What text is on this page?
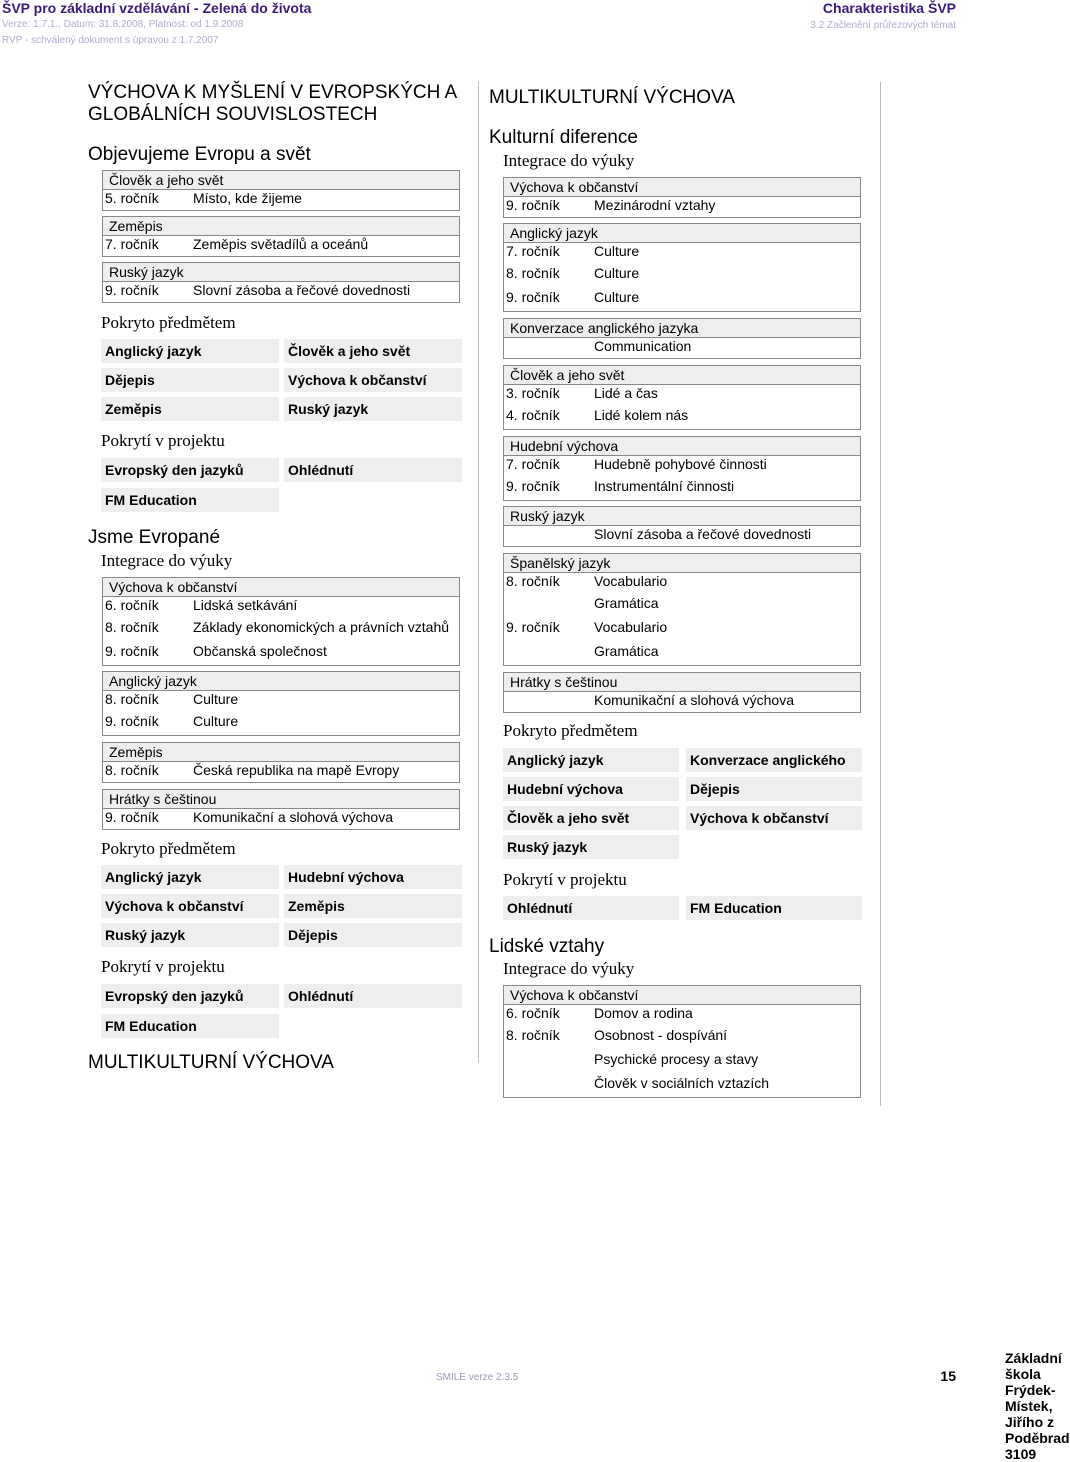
ŠVP pro základní vzdělávání - Zelená do života
Verze: 1.7.1., Datum: 31.8.2008, Platnost: od 1.9.2008
RVP - schválený dokument s úpravou z 1.7.2007
Charakteristika ŠVP
3.2 Začlenění průřezových témat
VÝCHOVA K MYŠLENÍ V EVROPSKÝCH A
GLOBÁLNÍCH SOUVISLOSTECH
Objevujeme Evropu a svět
Člověk a jeho svět
5. ročník Místo, kde žijeme
Zeměpis
7. ročník Zeměpis světadílů a oceánů
Ruský jazyk
9. ročník Slovní zásoba a řečové dovednosti
Pokryto předmětem
Anglický jazyk	Člověk a jeho svět
Dějepis	Výchova k občanství
Zeměpis	Ruský jazyk
Pokrytí v projektu
Evropský den jazyků	Ohlédnutí
FM Education
Jsme Evropané
Integrace do výuky
Výchova k občanství
6. ročník Lidská setkávání
8. ročník Základy ekonomických a právních vztahů
9. ročník Občanská společnost
Anglický jazyk
8. ročník Culture
9. ročník Culture
Zeměpis
8. ročník Česká republika na mapě Evropy
Hrátky s češtinou
9. ročník Komunikační a slohová výchova
Pokryto předmětem
Anglický jazyk	Hudební výchova
Výchova k občanství	Zeměpis
Ruský jazyk	Dějepis
Pokrytí v projektu
Evropský den jazyků	Ohlédnutí
FM Education
MULTIKULTURNÍ VÝCHOVA
MULTIKULTURNÍ VÝCHOVA
Kulturní diference
Integrace do výuky
Výchova k občanství
9. ročník Mezinárodní vztahy
Anglický jazyk
7. ročník Culture
8. ročník Culture
9. ročník Culture
Konverzace anglického jazyka
Communication
Člověk a jeho svět
3. ročník Lidé a čas
4. ročník Lidé kolem nás
Hudební výchova
7. ročník Hudebně pohybové činnosti
9. ročník Instrumentální činnosti
Ruský jazyk
Slovní zásoba a řečové dovednosti
Španělský jazyk
8. ročník Vocabulario
Gramática
9. ročník Vocabulario
Gramática
Hrátky s češtinou
Komunikační a slohová výchova
Pokryto předmětem
Anglický jazyk	Konverzace anglického
Hudební výchova	Dějepis
Člověk a jeho svět	Výchova k občanství
Ruský jazyk
Pokrytí v projektu
Ohlédnutí	FM Education
Lidské vztahy
Integrace do výuky
Výchova k občanství
6. ročník Domov a rodina
8. ročník Osobnost - dospívání
Psychické procesy a stavy
Člověk v sociálních vztazích
Základní škola Frýdek-Místek, Jiřího z Poděbrad 3109
SMILE verze 2.3.5	15
